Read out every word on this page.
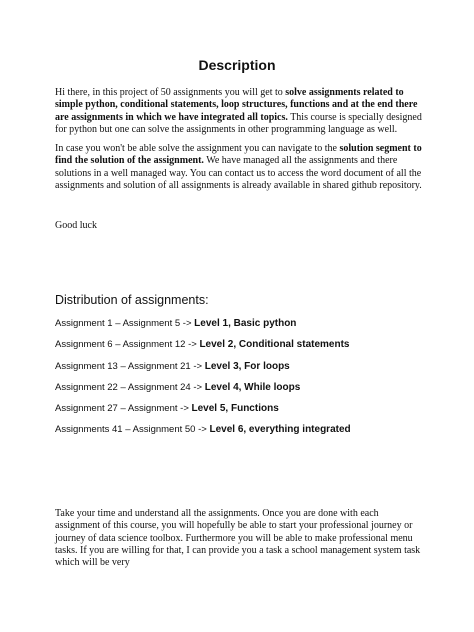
Description

Hi there, in this project of 50 assignments you will get to solve assignments related to simple python, conditional statements, loop structures, functions and at the end there are assignments in which we have integrated all topics. This course is specially designed for python but one can solve the assignments in other programming language as well.

In case you won't be able solve the assignment you can navigate to the solution segment to find the solution of the assignment. We have managed all the assignments and there solutions in a well managed way. You can contact us to access the word document of all the assignments and solution of all assignments is already available in shared github repository.

Good luck

Distribution of assignments:

Assignment 1 – Assignment 5 -> Level 1, Basic python
Assignment 6 – Assignment 12 -> Level 2, Conditional statements
Assignment 13 – Assignment 21 -> Level 3, For loops
Assignment 22 – Assignment 24 -> Level 4, While loops
Assignment 27 – Assignment -> Level 5, Functions
Assignments 41 – Assignment 50 -> Level 6, everything integrated

Take your time and understand all the assignments. Once you are done with each assignment of this course, you will hopefully be able to start your professional journey or journey of data science toolbox. Furthermore you will be able to make professional menu tasks. If you are willing for that, I can provide you a task a school management system task which will be very
